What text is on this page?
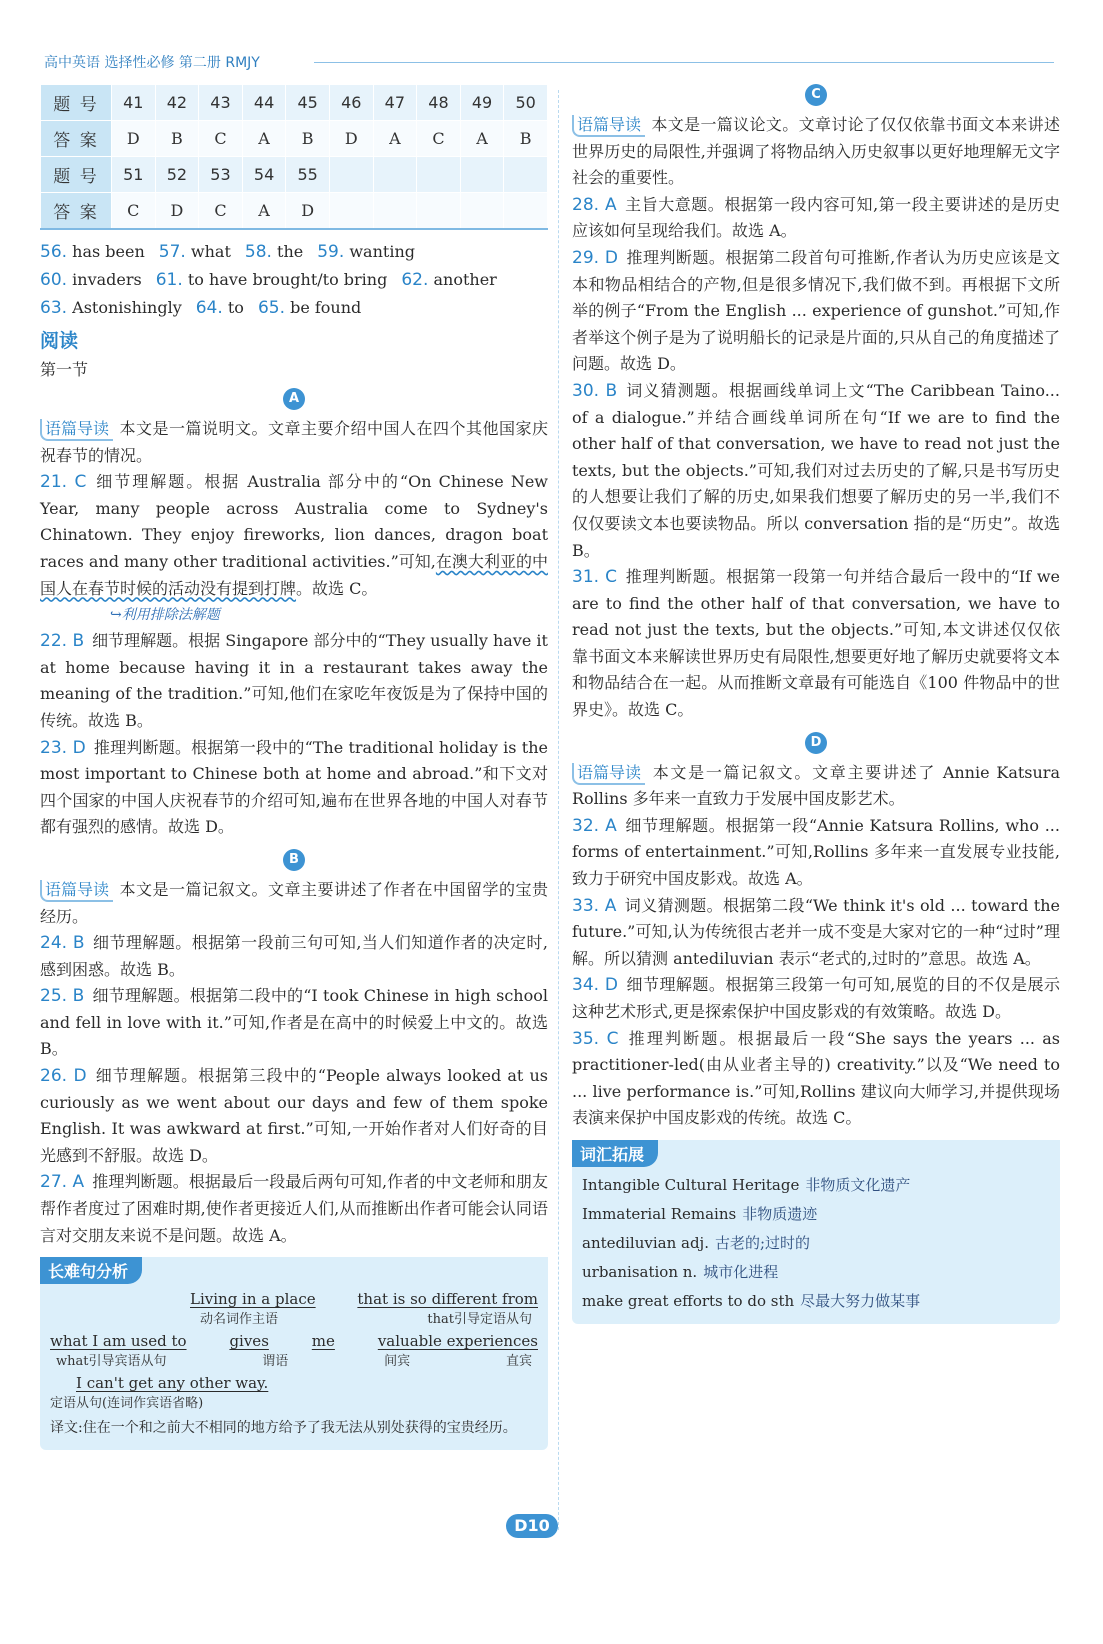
高中英语 选择性必修 第二册 RMJY
题 号	41	42	43	44	45	46	47	48	49	50
答 案	D	B	C	A	B	D	A	C	A	B
题 号	51	52	53	54	55					
答 案	C	D	C	A	D					
56. has been 57. what 58. the 59. wanting
60. invaders 61. to have brought/to bring 62. another
63. Astonishingly 64. to 65. be found
阅读
第一节
A

语篇导读 本文是一篇说明文。文章主要介绍中国人在四个其他国家庆祝春节的情况。

21. C 细节理解题。根据 Australia 部分中的“On Chinese New Year, many people across Australia come to Sydney's Chinatown. They enjoy fireworks, lion dances, dragon boat races and many other traditional activities.”可知,在澳大利亚的中国人在春节时候的活动没有提到打牌。故选 C。

↪利用排除法解题

22. B 细节理解题。根据 Singapore 部分中的“They usually have it at home because having it in a restaurant takes away the meaning of the tradition.”可知,他们在家吃年夜饭是为了保持中国的传统。故选 B。

23. D 推理判断题。根据第一段中的“The traditional holiday is the most important to Chinese both at home and abroad.”和下文对四个国家的中国人庆祝春节的介绍可知,遍布在世界各地的中国人对春节都有强烈的感情。故选 D。

B

语篇导读 本文是一篇记叙文。文章主要讲述了作者在中国留学的宝贵经历。

24. B 细节理解题。根据第一段前三句可知,当人们知道作者的决定时,感到困惑。故选 B。

25. B 细节理解题。根据第二段中的“I took Chinese in high school and fell in love with it.”可知,作者是在高中的时候爱上中文的。故选 B。

26. D 细节理解题。根据第三段中的“People always looked at us curiously as we went about our days and few of them spoke English. It was awkward at first.”可知,一开始作者对人们好奇的目光感到不舒服。故选 D。

27. A 推理判断题。根据最后一段最后两句可知,作者的中文老师和朋友帮作者度过了困难时期,使作者更接近人们,从而推断出作者可能会认同语言对交朋友来说不是问题。故选 A。

长难句分析
Living in a place	that is so different from
动名词作主语	that引导定语从句
what I am used to	gives	me	valuable experiences
what引导宾语从句	谓语	间宾	直宾
I can't get any other way.
定语从句(连词作宾语省略)
译文:住在一个和之前大不相同的地方给予了我无法从别处获得的宝贵经历。
C

语篇导读 本文是一篇议论文。文章讨论了仅仅依靠书面文本来讲述世界历史的局限性,并强调了将物品纳入历史叙事以更好地理解无文字社会的重要性。

28. A 主旨大意题。根据第一段内容可知,第一段主要讲述的是历史应该如何呈现给我们。故选 A。

29. D 推理判断题。根据第二段首句可推断,作者认为历史应该是文本和物品相结合的产物,但是很多情况下,我们做不到。再根据下文所举的例子“From the English ... experience of gunshot.”可知,作者举这个例子是为了说明船长的记录是片面的,只从自己的角度描述了问题。故选 D。

30. B 词义猜测题。根据画线单词上文“The Caribbean Taino... of a dialogue.”并结合画线单词所在句“If we are to find the other half of that conversation, we have to read not just the texts, but the objects.”可知,我们对过去历史的了解,只是书写历史的人想要让我们了解的历史,如果我们想要了解历史的另一半,我们不仅仅要读文本也要读物品。所以 conversation 指的是“历史”。故选 B。

31. C 推理判断题。根据第一段第一句并结合最后一段中的“If we are to find the other half of that conversation, we have to read not just the texts, but the objects.”可知,本文讲述仅仅依靠书面文本来解读世界历史有局限性,想要更好地了解历史就要将文本和物品结合在一起。从而推断文章最有可能选自《100 件物品中的世界史》。故选 C。

D

语篇导读 本文是一篇记叙文。文章主要讲述了 Annie Katsura Rollins 多年来一直致力于发展中国皮影艺术。

32. A 细节理解题。根据第一段“Annie Katsura Rollins, who ... forms of entertainment.”可知,Rollins 多年来一直发展专业技能,致力于研究中国皮影戏。故选 A。

33. A 词义猜测题。根据第二段“We think it's old ... toward the future.”可知,认为传统很古老并一成不变是大家对它的一种“过时”理解。所以猜测 antediluvian 表示“老式的,过时的”意思。故选 A。

34. D 细节理解题。根据第三段第一句可知,展览的目的不仅是展示这种艺术形式,更是探索保护中国皮影戏的有效策略。故选 D。

35. C 推理判断题。根据最后一段“She says the years ... as practitioner-led(由从业者主导的) creativity.”以及“We need to ... live performance is.”可知,Rollins 建议向大师学习,并提供现场表演来保护中国皮影戏的传统。故选 C。

词汇拓展
Intangible Cultural Heritage 非物质文化遗产
Immaterial Remains 非物质遗迹
antediluvian adj. 古老的;过时的
urbanisation n. 城市化进程
make great efforts to do sth 尽最大努力做某事
D10
